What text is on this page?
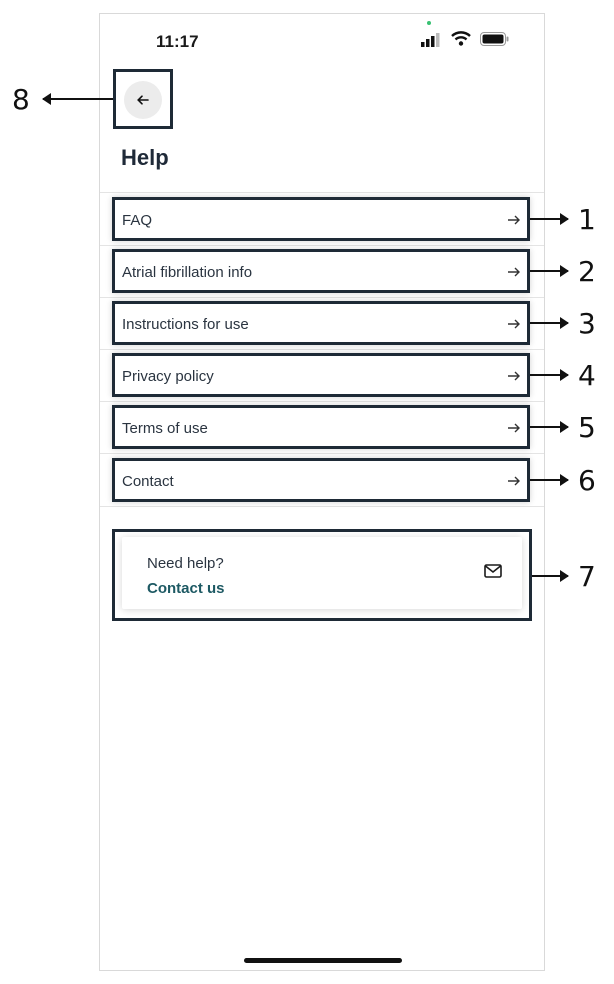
11:17
8
Help
FAQ	1
Atrial fibrillation info	2
Instructions for use	3
Privacy policy	4
Terms of use	5
Contact	6
Need help?
Contact us	7
